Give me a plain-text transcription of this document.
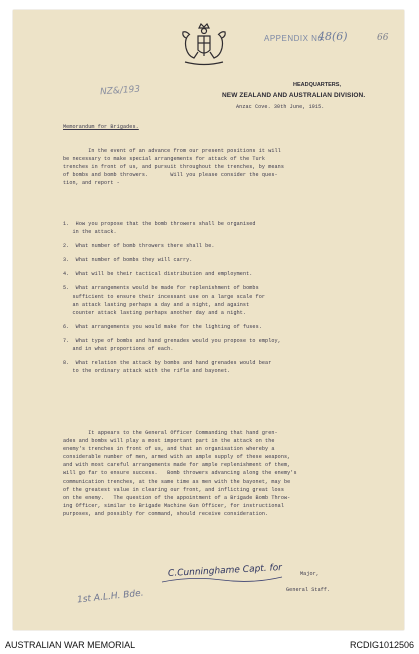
APPENDIX No.
48(6)	66
HEADQUARTERS,
NEW ZEALAND AND AUSTRALIAN DIVISION.
Anzac Cove. 30th June, 1915.
NZ&/193
Memorandum for Brigades.
In the event of an advance from our present positions it will
be necessary to make special arrangements for attack of the Turk
trenches in front of us, and pursuit throughout the trenches, by means
of bombs and bomb throwers.       Will you please consider the ques-
tion, and report -
1. How you propose that the bomb throwers shall be organised
in the attack.
2. What number of bomb throwers there shall be.
3. What number of bombs they will carry.
4. What will be their tactical distribution and employment.
5. What arrangements would be made for replenishment of bombs
sufficient to ensure their incessant use on a large scale for
an attack lasting perhaps a day and a night, and against
counter attack lasting perhaps another day and a night.
6. What arrangements you would make for the lighting of fuses.
7. What type of bombs and hand grenades would you propose to employ,
and in what proportions of each.
8. What relation the attack by bombs and hand grenades would bear
to the ordinary attack with the rifle and bayonet.
It appears to the General Officer Commanding that hand gren-
ades and bombs will play a most important part in the attack on the
enemy's trenches in front of us, and that an organisation whereby a
considerable number of men, armed with an ample supply of these weapons,
and with most careful arrangements made for ample replenishment of them,
will go far to ensure success.   Bomb throwers advancing along the enemy's
communication trenches, at the same time as men with the bayonet, may be
of the greatest value in clearing our front, and inflicting great loss
on the enemy.   The question of the appointment of a Brigade Bomb Throw-
ing Officer, similar to Brigade Machine Gun Officer, for instructional
purposes, and possibly for command, should receive consideration.
C.Cunninghame Capt. for	Major,
General Staff.
1st A.L.H. Bde.
AUSTRALIAN WAR MEMORIAL	RCDIG1012506
